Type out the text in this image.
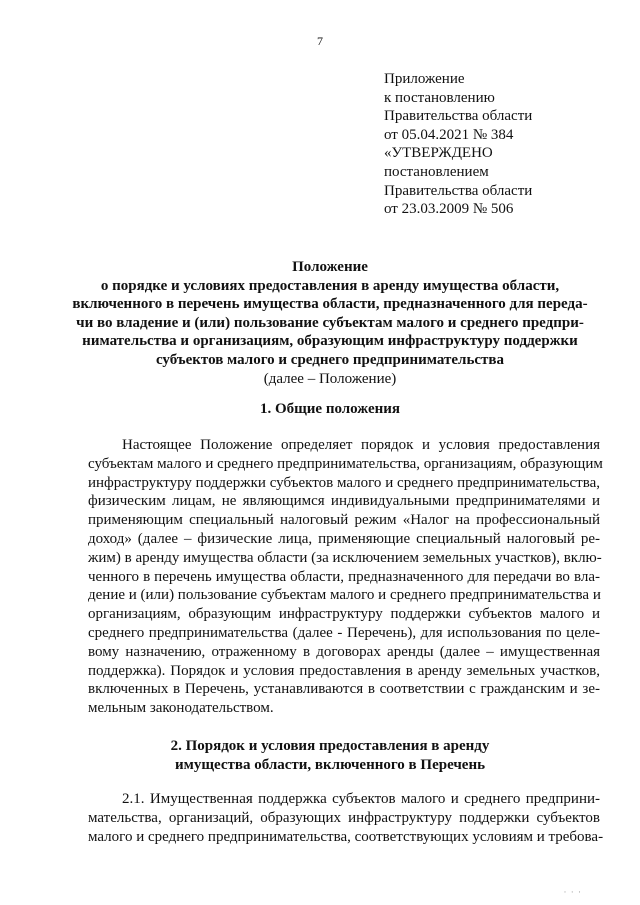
7
Приложение
к постановлению
Правительства области
от 05.04.2021 № 384
«УТВЕРЖДЕНО
постановлением
Правительства области
от 23.03.2009 № 506
Положение
о порядке и условиях предоставления в аренду имущества области,
включенного в перечень имущества области, предназначенного для переда-
чи во владение и (или) пользование субъектам малого и среднего предпри-
нимательства и организациям, образующим инфраструктуру поддержки
субъектов малого и среднего предпринимательства
(далее – Положение)
1. Общие положения
Настоящее Положение определяет порядок и условия предоставления
субъектам малого и среднего предпринимательства, организациям, образующим
инфраструктуру поддержки субъектов малого и среднего предпринимательства,
физическим лицам, не являющимся индивидуальными предпринимателями и
применяющим специальный налоговый режим «Налог на профессиональный
доход» (далее – физические лица, применяющие специальный налоговый ре-
жим) в аренду имущества области (за исключением земельных участков), вклю-
ченного в перечень имущества области, предназначенного для передачи во вла-
дение и (или) пользование субъектам малого и среднего предпринимательства и
организациям, образующим инфраструктуру поддержки субъектов малого и
среднего предпринимательства (далее - Перечень), для использования по целе-
вому назначению, отраженному в договорах аренды (далее – имущественная
поддержка). Порядок и условия предоставления в аренду земельных участков,
включенных в Перечень, устанавливаются в соответствии с гражданским и зе-
мельным законодательством.
2. Порядок и условия предоставления в аренду
имущества области, включенного в Перечень
2.1. Имущественная поддержка субъектов малого и среднего предприни-
мательства, организаций, образующих инфраструктуру поддержки субъектов
малого и среднего предпринимательства, соответствующих условиям и требова-
· · ·
